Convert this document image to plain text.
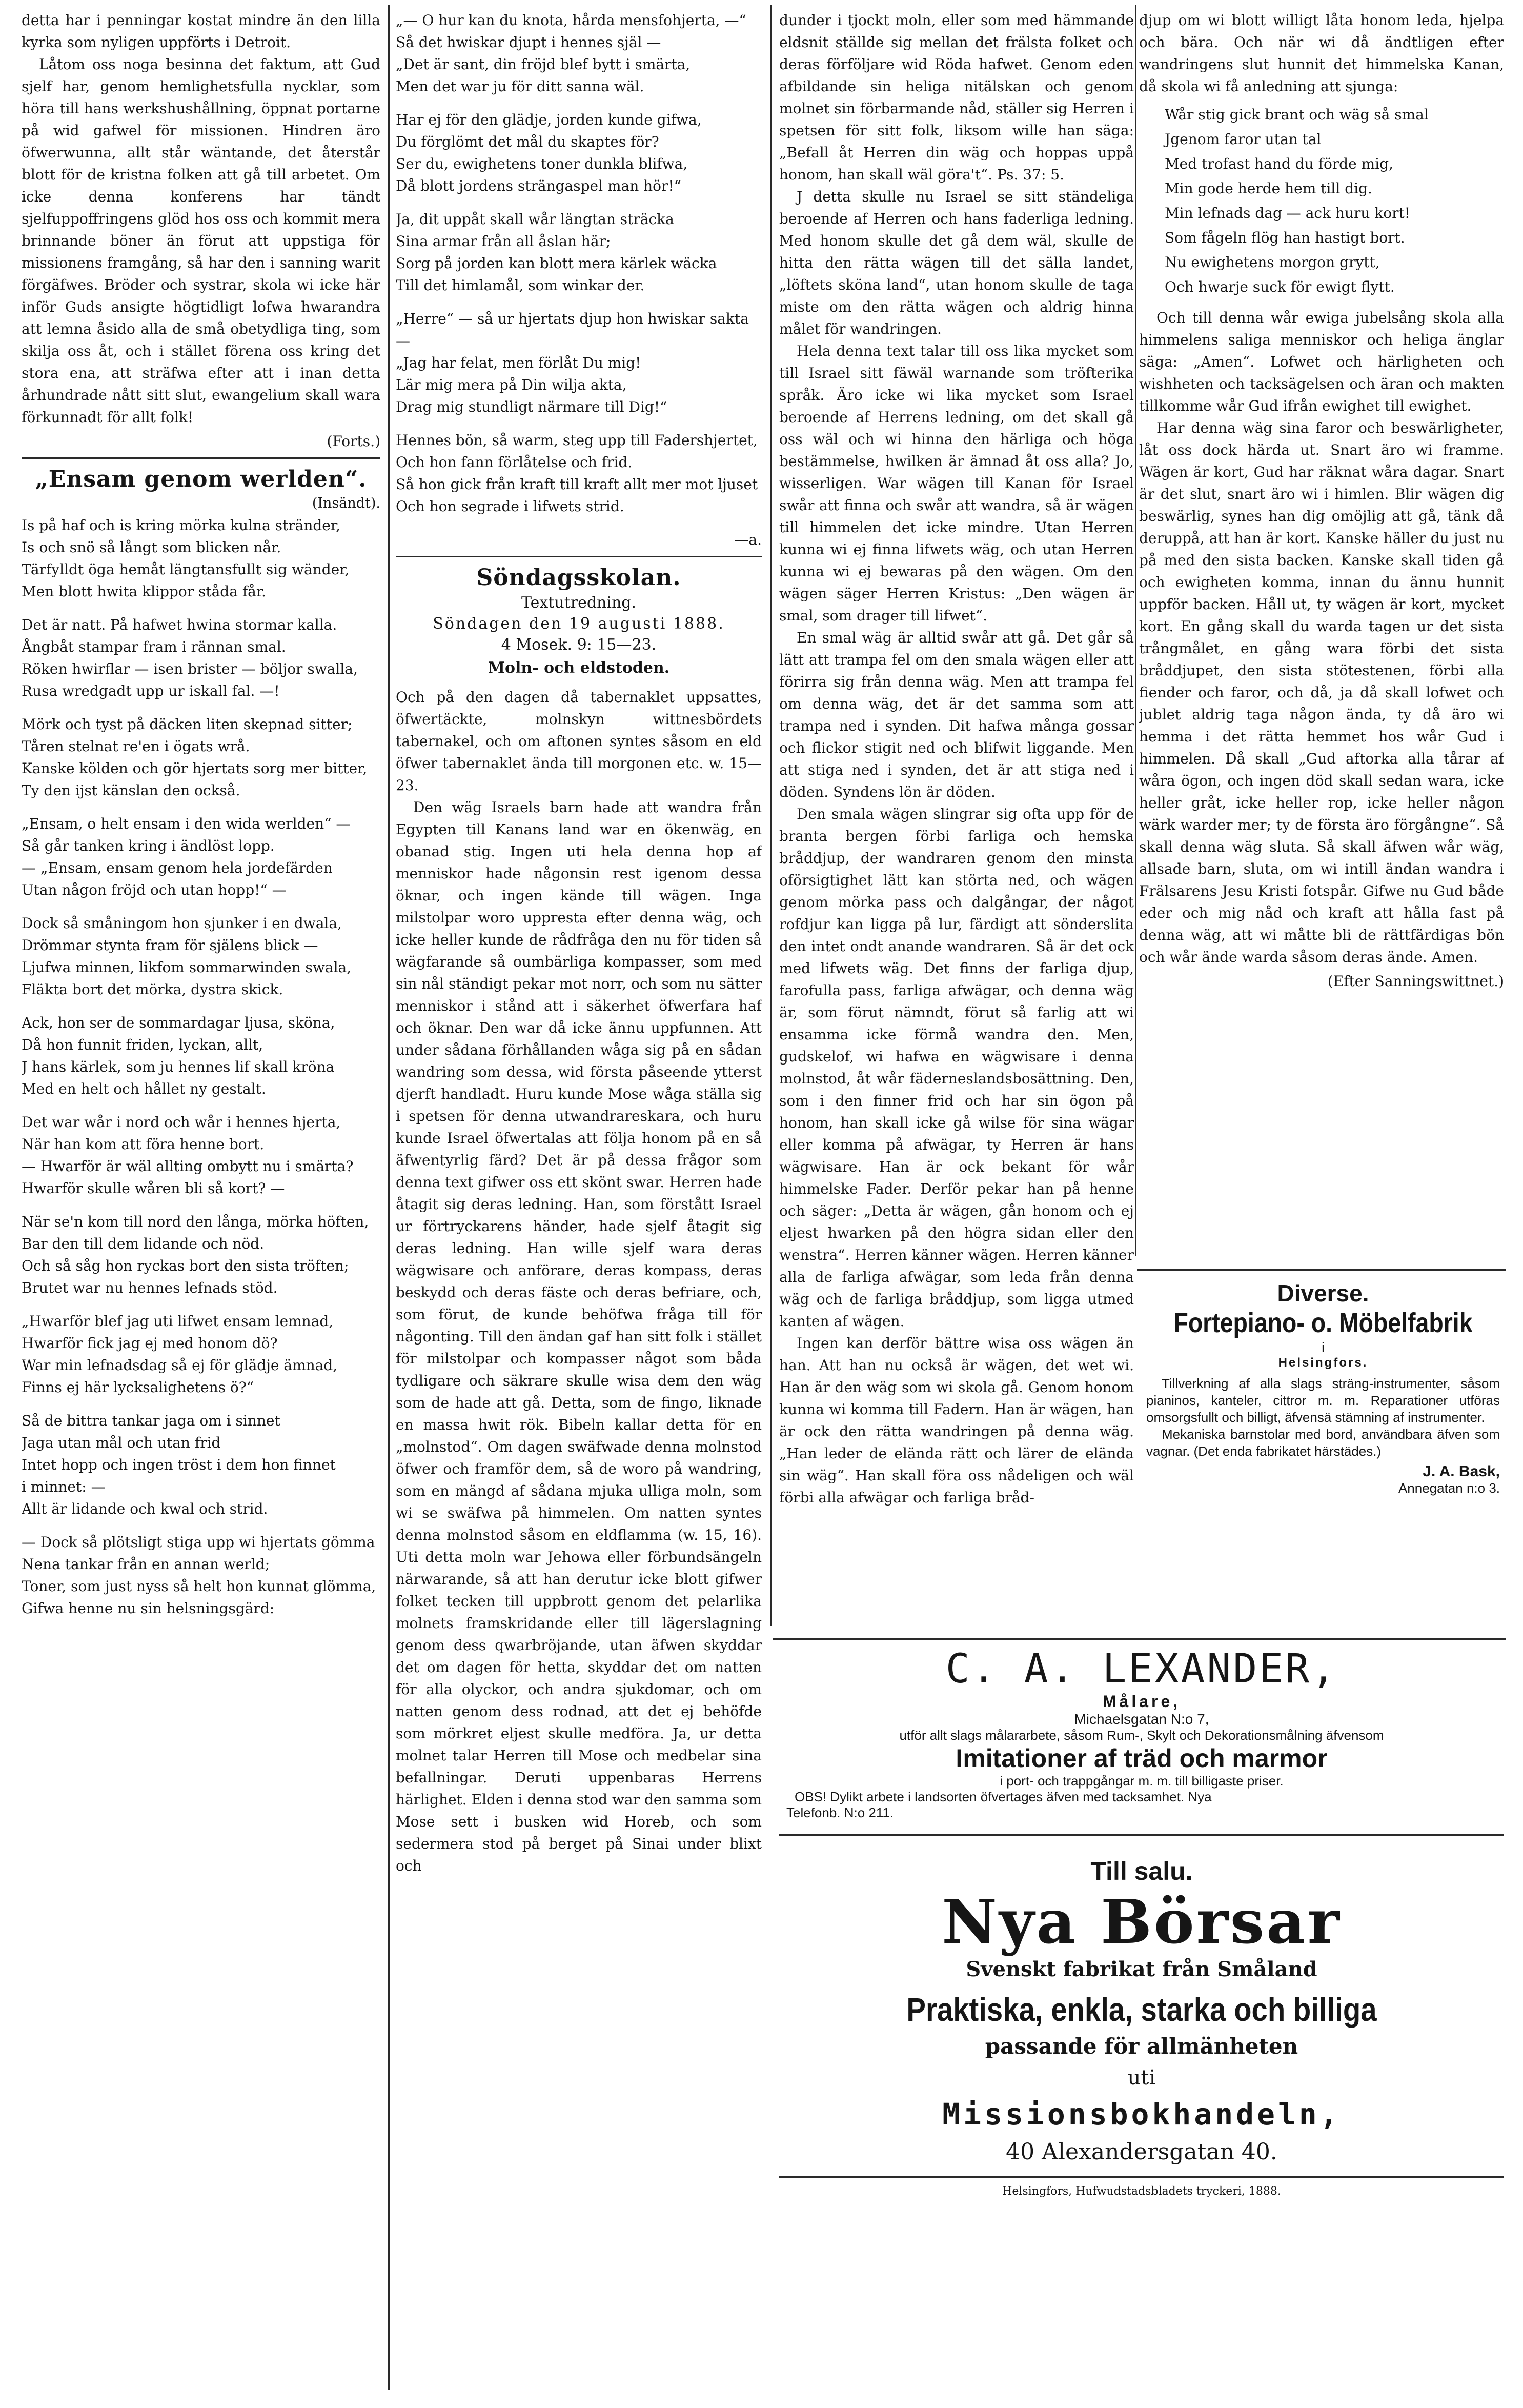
detta har i penningar kostat mindre än den lilla kyrka som nyligen uppförts i Detroit.

Låtom oss noga besinna det faktum, att Gud sjelf har, genom hemlighetsfulla nycklar, som höra till hans werkshushållning, öppnat portarne på wid gafwel för missionen. Hindren äro öfwerwunna, allt står wäntande, det återstår blott för de kristna folken att gå till arbetet. Om icke denna konferens har tändt sjelfuppoffringens glöd hos oss och kommit mera brinnande böner än förut att uppstiga för missionens framgång, så har den i sanning warit förgäfwes. Bröder och systrar, skola wi icke här inför Guds ansigte högtidligt lofwa hwarandra att lemna åsido alla de små obetydliga ting, som skilja oss åt, och i stället förena oss kring det stora ena, att sträfwa efter att i inan detta århundrade nått sitt slut, ewangelium skall wara förkunnadt för allt folk!

(Forts.)
„Ensam genom werlden“.
(Insändt).
Is på haf och is kring mörka kulna stränder,
Is och snö så långt som blicken når.
Tärfylldt öga hemåt längtansfullt sig wänder,
Men blott hwita klippor ståda får.
Det är natt. På hafwet hwina stormar kalla.
Ångbåt stampar fram i rännan smal.
Röken hwirflar — isen brister — böljor swalla,
Rusa wredgadt upp ur iskall fal. —!
Mörk och tyst på däcken liten skepnad sitter;
Tåren stelnat re'en i ögats wrå.
Kanske kölden och gör hjertats sorg mer bitter,
Ty den ijst känslan den också.
„Ensam, o helt ensam i den wida werlden“ —
Så går tanken kring i ändlöst lopp.
— „Ensam, ensam genom hela jordefärden
Utan någon fröjd och utan hopp!“ —
Dock så småningom hon sjunker i en dwala,
Drömmar stynta fram för själens blick —
Ljufwa minnen, likfom sommarwinden swala,
Fläkta bort det mörka, dystra skick.
Ack, hon ser de sommardagar ljusa, sköna,
Då hon funnit friden, lyckan, allt,
J hans kärlek, som ju hennes lif skall kröna
Med en helt och hållet ny gestalt.
Det war wår i nord och wår i hennes hjerta,
När han kom att föra henne bort.
— Hwarför är wäl allting ombytt nu i smärta?
Hwarför skulle wåren bli så kort? —
När se'n kom till nord den långa, mörka höften,
Bar den till dem lidande och nöd.
Och så såg hon ryckas bort den sista tröften;
Brutet war nu hennes lefnads stöd.
„Hwarför blef jag uti lifwet ensam lemnad,
Hwarför fick jag ej med honom dö?
War min lefnadsdag så ej för glädje ämnad,
Finns ej här lycksalighetens ö?“
Så de bittra tankar jaga om i sinnet
Jaga utan mål och utan frid
Intet hopp och ingen tröst i dem hon finnet
i minnet: —
Allt är lidande och kwal och strid.
— Dock så plötsligt stiga upp wi hjertats gömma
Nena tankar från en annan werld;
Toner, som just nyss så helt hon kunnat glömma,
Gifwa henne nu sin helsningsgärd:
„— O hur kan du knota, hårda mensfohjerta, —“
Så det hwiskar djupt i hennes själ —
„Det är sant, din fröjd blef bytt i smärta,
Men det war ju för ditt sanna wäl.
Har ej för den glädje, jorden kunde gifwa,
Du förglömt det mål du skaptes för?
Ser du, ewighetens toner dunkla blifwa,
Då blott jordens strängaspel man hör!“
Ja, dit uppåt skall wår längtan sträcka
Sina armar från all åslan här;
Sorg på jorden kan blott mera kärlek wäcka
Till det himlamål, som winkar der.
„Herre“ — så ur hjertats djup hon hwiskar sakta —
„Jag har felat, men förlåt Du mig!
Lär mig mera på Din wilja akta,
Drag mig stundligt närmare till Dig!“
Hennes bön, så warm, steg upp till Fadershjertet,
Och hon fann förlåtelse och frid.
Så hon gick från kraft till kraft allt mer mot ljuset
Och hon segrade i lifwets strid.
—a.
Söndagsskolan.
Textutredning.
Söndagen den 19 augusti 1888.
4 Mosek. 9: 15—23.
Moln- och eldstoden.

Och på den dagen då tabernaklet uppsattes, öfwertäckte, molnskyn wittnesbördets tabernakel, och om aftonen syntes såsom en eld öfwer tabernaklet ända till morgonen etc. w. 15—23.

Den wäg Israels barn hade att wandra från Egypten till Kanans land war en ökenwäg, en obanad stig. Ingen uti hela denna hop af menniskor hade någonsin rest igenom dessa öknar, och ingen kände till wägen. Inga milstolpar woro uppresta efter denna wäg, och icke heller kunde de rådfråga den nu för tiden så wägfarande så oumbärliga kompasser, som med sin nål ständigt pekar mot norr, och som nu sätter menniskor i stånd att i säkerhet öfwerfara haf och öknar. Den war då icke ännu uppfunnen. Att under sådana förhållanden wåga sig på en sådan wandring som dessa, wid första påseende ytterst djerft handladt. Huru kunde Mose wåga ställa sig i spetsen för denna utwandrareskara, och huru kunde Israel öfwertalas att följa honom på en så äfwentyrlig färd? Det är på dessa frågor som denna text gifwer oss ett skönt swar. Herren hade åtagit sig deras ledning. Han, som förstått Israel ur förtryckarens händer, hade sjelf åtagit sig deras ledning. Han wille sjelf wara deras wägwisare och anförare, deras kompass, deras beskydd och deras fäste och deras befriare, och, som förut, de kunde behöfwa fråga till för någonting. Till den ändan gaf han sitt folk i stället för milstolpar och kompasser något som båda tydligare och säkrare skulle wisa dem den wäg som de hade att gå. Detta, som de fingo, liknade en massa hwit rök. Bibeln kallar detta för en „molnstod“. Om dagen swäfwade denna molnstod öfwer och framför dem, så de woro på wandring, som en mängd af sådana mjuka ulliga moln, som wi se swäfwa på himmelen. Om natten syntes denna molnstod såsom en eldflamma (w. 15, 16). Uti detta moln war Jehowa eller förbundsängeln närwarande, så att han derutur icke blott gifwer folket tecken till uppbrott genom det pelarlika molnets framskridande eller till lägerslagning genom dess qwarbröjande, utan äfwen skyddar det om dagen för hetta, skyddar det om natten för alla olyckor, och andra sjukdomar, och om natten genom dess rodnad, att det ej behöfde som mörkret eljest skulle medföra. Ja, ur detta molnet talar Herren till Mose och medbelar sina befallningar. Deruti uppenbaras Herrens härlighet. Elden i denna stod war den samma som Mose sett i busken wid Horeb, och som sedermera stod på berget på Sinai under blixt och

dunder i tjockt moln, eller som med hämmande eldsnit ställde sig mellan det frälsta folket och deras förföljare wid Röda hafwet. Genom eden afbildande sin heliga nitälskan och genom molnet sin förbarmande nåd, ställer sig Herren i spetsen för sitt folk, liksom wille han säga: „Befall åt Herren din wäg och hoppas uppå honom, han skall wäl göra't“. Ps. 37: 5.

J detta skulle nu Israel se sitt ständeliga beroende af Herren och hans faderliga ledning. Med honom skulle det gå dem wäl, skulle de hitta den rätta wägen till det sälla landet, „löftets sköna land“, utan honom skulle de taga miste om den rätta wägen och aldrig hinna målet för wandringen.

Hela denna text talar till oss lika mycket som till Israel sitt fäwäl warnande som tröfterika språk. Äro icke wi lika mycket som Israel beroende af Herrens ledning, om det skall gå oss wäl och wi hinna den härliga och höga bestämmelse, hwilken är ämnad åt oss alla? Jo, wisserligen. War wägen till Kanan för Israel swår att finna och swår att wandra, så är wägen till himmelen det icke mindre. Utan Herren kunna wi ej finna lifwets wäg, och utan Herren kunna wi ej bewaras på den wägen. Om den wägen säger Herren Kristus: „Den wägen är smal, som drager till lifwet“.

En smal wäg är alltid swår att gå. Det går så lätt att trampa fel om den smala wägen eller att förirra sig från denna wäg. Men att trampa fel om denna wäg, det är det samma som att trampa ned i synden. Dit hafwa många gossar och flickor stigit ned och blifwit liggande. Men att stiga ned i synden, det är att stiga ned i döden. Syndens lön är döden.

Den smala wägen slingrar sig ofta upp för de branta bergen förbi farliga och hemska bråddjup, der wandraren genom den minsta oförsigtighet lätt kan störta ned, och wägen genom mörka pass och dalgångar, der något rofdjur kan ligga på lur, färdigt att sönderslita den intet ondt anande wandraren. Så är det ock med lifwets wäg. Det finns der farliga djup, farofulla pass, farliga afwägar, och denna wäg är, som förut nämndt, förut så farlig att wi ensamma icke förmå wandra den. Men, gudskelof, wi hafwa en wägwisare i denna molnstod, åt wår fäderneslandsbosättning. Den, som i den finner frid och har sin ögon på honom, han skall icke gå wilse för sina wägar eller komma på afwägar, ty Herren är hans wägwisare. Han är ock bekant för wår himmelske Fader. Derför pekar han på henne och säger: „Detta är wägen, gån honom och ej eljest hwarken på den högra sidan eller den wenstra“. Herren känner wägen. Herren känner alla de farliga afwägar, som leda från denna wäg och de farliga bråddjup, som ligga utmed kanten af wägen.

Ingen kan derför bättre wisa oss wägen än han. Att han nu också är wägen, det wet wi. Han är den wäg som wi skola gå. Genom honom kunna wi komma till Fadern. Han är wägen, han är ock den rätta wandringen på denna wäg. „Han leder de elända rätt och lärer de elända sin wäg“. Han skall föra oss nådeligen och wäl förbi alla afwägar och farliga bråd-

djup om wi blott willigt låta honom leda, hjelpa och bära. Och när wi då ändtligen efter wandringens slut hunnit det himmelska Kanan, då skola wi få anledning att sjunga:

Wår stig gick brant och wäg så smal
Jgenom faror utan tal
Med trofast hand du förde mig,
Min gode herde hem till dig.
Min lefnads dag — ack huru kort!
Som fågeln flög han hastigt bort.
Nu ewighetens morgon grytt,
Och hwarje suck för ewigt flytt.

Och till denna wår ewiga jubelsång skola alla himmelens saliga menniskor och heliga änglar säga: „Amen“. Lofwet och härligheten och wishheten och tacksägelsen och äran och makten tillkomme wår Gud ifrån ewighet till ewighet.

Har denna wäg sina faror och beswärligheter, låt oss dock härda ut. Snart äro wi framme. Wägen är kort, Gud har räknat wåra dagar. Snart är det slut, snart äro wi i himlen. Blir wägen dig beswärlig, synes han dig omöjlig att gå, tänk då deruppå, att han är kort. Kanske häller du just nu på med den sista backen. Kanske skall tiden gå och ewigheten komma, innan du ännu hunnit uppför backen. Håll ut, ty wägen är kort, mycket kort. En gång skall du warda tagen ur det sista trångmålet, en gång wara förbi det sista bråddjupet, den sista stötestenen, förbi alla fiender och faror, och då, ja då skall lofwet och jublet aldrig taga någon ända, ty då äro wi hemma i det rätta hemmet hos wår Gud i himmelen. Då skall „Gud aftorka alla tårar af wåra ögon, och ingen död skall sedan wara, icke heller gråt, icke heller rop, icke heller någon wärk warder mer; ty de första äro förgångne“. Så skall denna wäg sluta. Så skall äfwen wår wäg, allsade barn, sluta, om wi intill ändan wandra i Frälsarens Jesu Kristi fotspår. Gifwe nu Gud både eder och mig nåd och kraft att hålla fast på denna wäg, att wi måtte bli de rättfärdigas bön och wår ände warda såsom deras ände. Amen.

(Efter Sanningswittnet.)
Diverse.
Fortepiano- o. Möbelfabrik
i
Helsingfors.
Tillverkning af alla slags sträng-instrumenter, såsom pianinos, kanteler, cittror m. m. Reparationer utföras omsorgsfullt och billigt, äfvensä stämning af instrumenter.
Mekaniska barnstolar med bord, användbara äfven som vagnar. (Det enda fabrikatet härstädes.)
J. A. Bask,
Annegatan n:o 3.
C. A. LEXANDER,
Målare,
Michaelsgatan N:o 7,
utför allt slags målararbete, såsom Rum-, Skylt och Dekorationsmålning äfvensom
Imitationer af träd och marmor
i port- och trappgångar m. m. till billigaste priser.
OBS! Dylikt arbete i landsorten öfvertages äfven med tacksamhet. Nya
Telefonb. N:o 211.
Till salu.
Nya Börsar
Svenskt fabrikat från Småland
Praktiska, enkla, starka och billiga
passande för allmänheten
uti
Missionsbokhandeln,
40 Alexandersgatan 40.
Helsingfors, Hufwudstadsbladets tryckeri, 1888.
